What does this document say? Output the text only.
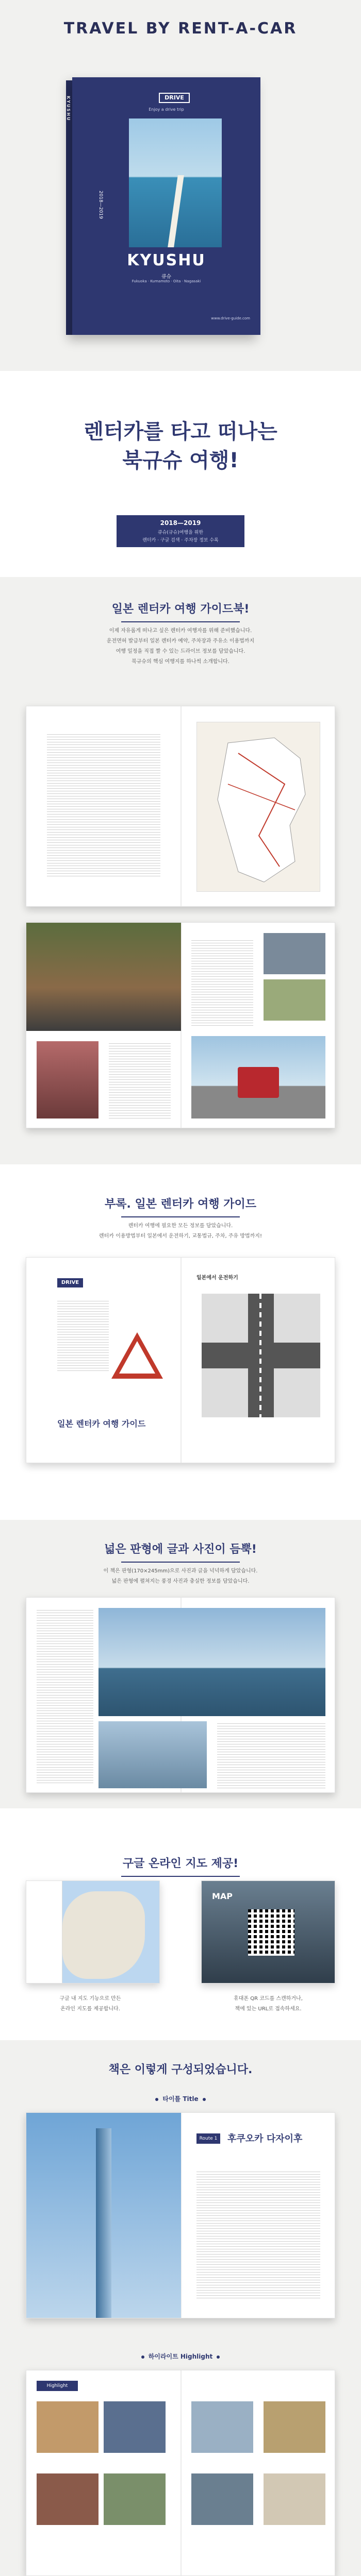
TRAVEL BY RENT-A-CAR
KYUSHU	DRIVE
Enjoy a drive trip
2018—2019
KYUSHU
큐슈
Fukuoka · Kumamoto · Oita · Nagasaki
www.drive-guide.com
렌터카를 타고 떠나는
북규슈 여행!
2018—2019
큐슈(규슈)여행을 위한
렌터카 · 구글 검색 · 주차장 정보 수록
일본 렌터카 여행 가이드북!
이제 자유롭게 떠나고 싶은 렌터카 여행자를 위해 준비했습니다.
운전면허 발급부터 일본 렌터카 예약, 주차장과 주유소 이용법까지
여행 일정을 직접 짤 수 있는 드라이브 정보를 담았습니다.
북규슈의 핵심 여행지를 하나씩 소개합니다.
부록. 일본 렌터카 여행 가이드
렌터카 여행에 필요한 모든 정보를 담았습니다.
렌터카 이용방법부터 일본에서 운전하기, 교통법규, 주차, 주유 방법까지!
DRIVE
일본 렌터카 여행 가이드
일본에서 운전하기
넓은 판형에 글과 사진이 듬뿍!
이 책은 판형(170×245mm)으로 사진과 글을 넉넉하게 담았습니다.
넓은 판형에 펼쳐지는 풍경 사진과 충실한 정보를 담았습니다.
구글 온라인 지도 제공!
MAP
구글 내 지도 기능으로 만든
온라인 지도를 제공합니다.
휴대폰 QR 코드를 스캔하거나,
책에 있는 URL로 접속하세요.
책은 이렇게 구성되었습니다.
타이틀 Title
Route 1	후쿠오카 다자이후
하이라이트 Highlight
Highlight
